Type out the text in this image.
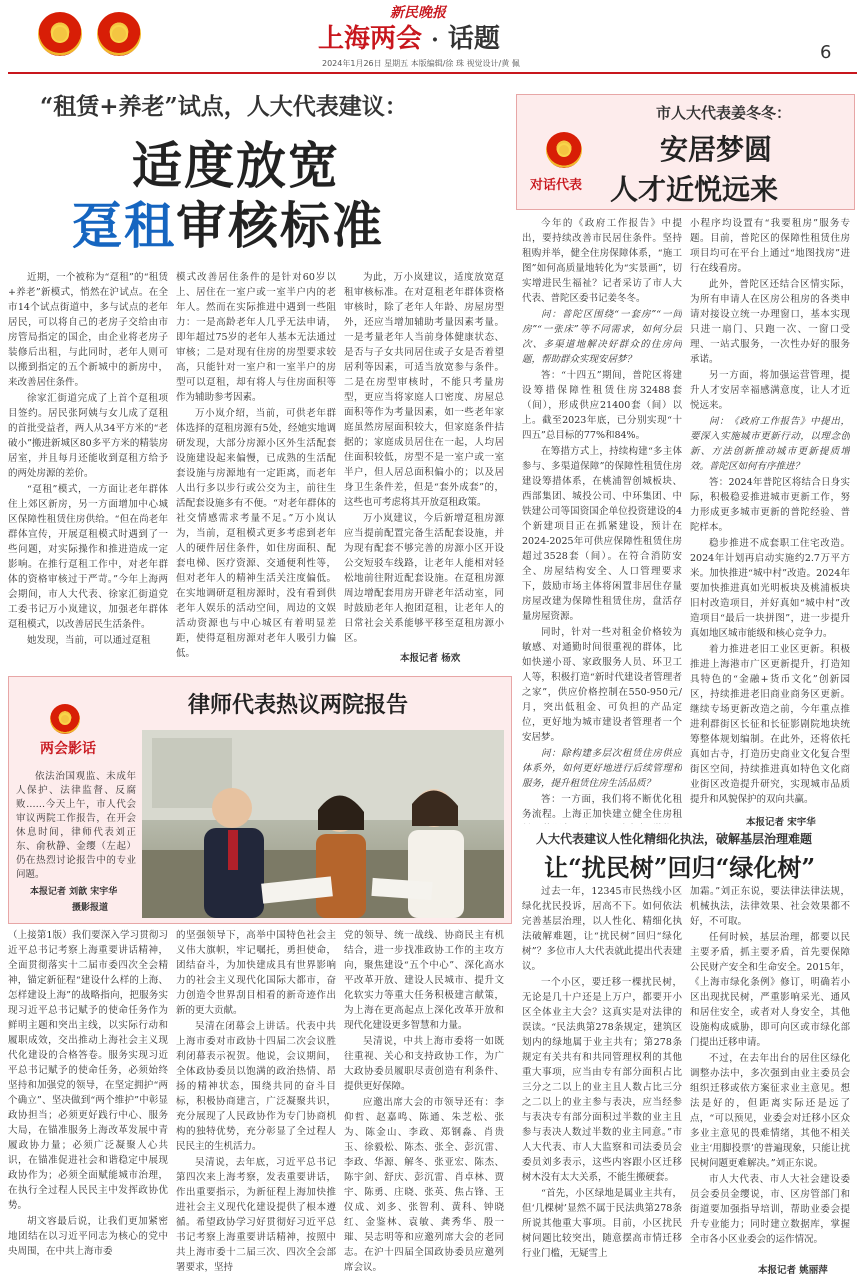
新民晚报
上海两会 · 话题
2024年1月26日 星期五 本版编辑/徐 珠 视觉设计/黄 佩
6
“租赁+养老”试点，人大代表建议：
适度放宽
趸租审核标准

近期，一个被称为“趸租”的“租赁+养老”新模式，悄然在沪试点。在全市14个试点街道中，多与试点的老年居民，可以将自己的老房子交给由市房管局指定的国企，由企业将老房子装修后出租，与此同时，老年人则可以搬到指定的五个新城中的新房中，来改善居住条件。

徐家汇街道完成了上首个趸租项目签约。居民张阿姨与女儿成了趸租的首批受益者，两人从34平方米的“老破小”搬进新城区80多平方米的精装房居室，并且每月还能收到趸租方给予的两处房源的差价。

“趸租”模式，一方面让老年群体住上郊区新房，另一方面增加中心城区保障性租赁住房供给。“但在尚老年群体宣传，开展趸租模式时遇到了一些问题，对实际操作和推进造成一定影响。在推行趸租工作中，对老年群体的资格审核过于严苛。”今年上海两会期间，市人大代表、徐家汇街道党工委书记万小岚建议，加强老年群体趸租模式，以改善居民生活条件。

她发现，当前，可以通过趸租

模式改善居住条件的是针对60岁以上、居住在一室户或一室半户内的老年人。然而在实际推进中遇到一些阻力：一是高龄老年人几乎无法申请，即年超过75岁的老年人基本无法通过审核；二是对现有住房的房型要求较高，只能针对一室户和一室半户的房型可以趸租，却有将人与住房面积等作为辅助参考因素。

万小岚介绍，当前，可供老年群体选择的趸租房源有5处，经她实地调研发现，大部分房源小区外生活配套设施建设起来偏慢，已成熟的生活配套设施与房源地有一定距离，而老年人出行多以步行或公交为主，前往生活配套设施多有不便。“对老年群体的社交情感需求考量不足。”万小岚认为，当前，趸租模式更多考虑到老年人的硬件居住条件，如住房面积、配套电梯、医疗资源、交通便利性等，但对老年人的精神生活关注度偏低。在实地调研趸租房源时，没有看到供老年人娱乐的活动空间，周边的文娱活动资源也与中心城区有着明显差距，使得趸租房源对老年人吸引力偏低。

为此，万小岚建议，适度放宽趸租审核标准。在对趸租老年群体资格审核时，除了老年人年龄、房屋房型外，还应当增加辅助考量因素考量。一是考量老年人当前身体健康状态、是否与子女共同居住或子女是否着望居利等因素，可适当放宽参与条件。二是在房型审核时，不能只考量房型，更应当将家庭人口密度、房屋总面积等作为考量因素，如一些老年家庭虽然房屋面积较大，但家庭条件拮据的；家庭成员居住在一起，人均居住面积较低，房型不是一室户或一室半户，但人居总面积偏小的；以及居身卫生条件差，但是“套外成套”的，这些也可考虑将其开放趸租政策。

万小岚建议，今后新增趸租房源应当提前配置完备生活配套设施，并为现有配套不够完善的房源小区开设公交短驳车线路，让老年人能相对轻松地前往附近配套设施。在趸租房源周边增配套用房开辟老年活动室，同时鼓励老年人抱团趸租，让老年人的日常社会关系能够平移至趸租房源小区。

本报记者 杨欢
市人大代表姜冬冬：
对话代表
安居梦圆
人才近悦远来

今年的《政府工作报告》中提出，要持续改善市民居住条件。坚持租购并举，健全住房保障体系，“施工图”如何高质量地转化为“实景画”，切实增进民生福祉？记者采访了市人大代表、普陀区委书记姜冬冬。

问：普陀区围绕“一套房”“一间房”“一张床”等不同需求，如何分层次、多渠道地解决好群众的住房问题，帮助群众实现安居梦？

答：“十四五”期间，普陀区将建设筹措保障性租赁住房32488套（间），形成供应21400套（间）以上。截至2023年底，已分别实现“十四五”总目标的77%和84%。

在筹措方式上，持续构建“多主体参与、多渠道保障”的保障性租赁住房建设筹措体系，在桃浦智创城板块、西部集团、城投公司、中环集团、中铁建公司等国资国企单位投资建设的4个新建项目正在抓紧建设，预计在2024-2025年可供应保障性租赁住房超过3528套（间）。在符合消防安全、房屋结构安全、人口管理要求下，鼓励市场主体将闲置非居住存量房屋改建为保障性租赁住房，盘活存量房屋资源。

同时，针对一些对租金价格较为敏感、对通勤时间很重视的群体，比如快递小哥、家政服务人员、环卫工人等，积极打造“新时代建设者管理者之家”，供应价格控制在550-950元/月，突出低租金、可负担的产品定位，更好地为城市建设者管理者一个安居梦。

问：除构建多层次租赁住房供应体系外，如何更好地进行后续管理和服务，提升租赁住房生活品质？

答：一方面，我们将不断优化租务流程。上海正加快建立健全住房租

小程序均设置有“我要租房”服务专题。目前，普陀区的保障性租赁住房项目均可在平台上通过“地图找房”进行在线看房。

此外，普陀区还结合区情实际，为所有申请人在区房公租房的各类申请对接设立统一办理窗口，基本实现只进一扇门、只跑一次、一窗口受理、一站式服务，一次性办好的服务承诺。

另一方面，将加强运营管理，提升人才安居幸福感满意度，让人才近悦远来。

问：《政府工作报告》中提出，要深入实施城市更新行动，以理念创新、方法创新推动城市更新提质增效。普陀区如何有序推进？

答：2024年普陀区将结合日身实际，积极稳妥推进城市更新工作，努力形成更多城市更新的普陀经验、普陀样本。

稳步推进不成套职工住宅改造。2024年计划再启动实施约2.7万平方米。加快推进“城中村”改造。2024年要加快推进真如光明板块及桃浦板块旧村改造项目，并好真如“城中村”改造项目“最后一块拼图”，进一步提升真如地区城市能级和核心竞争力。

着力推进老旧工业区更新。积极推进上海港市广区更新提升，打造知具特色的“金融+货币文化”创新园区，持续推进老旧商业商务区更新。继续专场更新改造之前，今年重点推进利群街区长征和长征影剧院地块统筹整体规划编制。在此外，还将依托真如古寺，打造历史商业文化复合型街区空间，持续推进真如特色文化商业街区改造提升研究，实现城市品质提升和风貌保护的双向共赢。

本报记者 宋宇华
律师代表热议两院报告
两会影话

依法治国观监、未成年人保护、法律监督、反腐败……今天上午，市人代会审议两院工作报告，在开会休息时间，律师代表刘正东、俞秋静、金缨（左起）仍在热烈讨论报告中的专业问题。

本报记者 刘歆 宋宇华
摄影报道

（上接第1版）我们要深入学习贯彻习近平总书记考察上海重要讲话精神，全面贯彻落实十二届市委四次全会精神，锚定新征程“建设什么样的上海、怎样建设上海”的战略指向，把服务实现习近平总书记赋予的使命任务作为鲜明主题和突出主线，以实际行动和履职成效，交出推动上海社会主义现代化建设的合格答卷。服务实现习近平总书记赋予的使命任务，必须始终坚持和加强党的领导，在坚定拥护“两个确立”、坚决做到“两个维护”中彰显政协担当；必须更好践行中心、服务大局，在锚准服务上海改革发展中青履政协力量；必须广泛凝聚人心共识，在锚准促进社会和谐稳定中展现政协作为；必须全面赋能城市治理，在执行全过程人民民主中发挥政协优势。

胡文容最后说，让我们更加紧密地团结在以习近平同志为核心的党中央周围，在中共上海市委

的坚强领导下，高举中国特色社会主义伟大旗帜，牢记嘱托，勇担使命，团结奋斗，为加快建成具有世界影响力的社会主义现代化国际大都市，奋力创造令世界刮目相看的新奇迹作出新的更大贡献。

吴清在闭幕会上讲话。代表中共上海市委对市政协十四届二次会议胜利闭幕表示祝贺。他说，会议期间，全体政协委员以饱满的政治热情、昂扬的精神状态，围绕共同的奋斗目标，积极协商建言，广泛凝聚共识，充分展现了人民政协作为专门协商机构的独特优势，充分彰显了全过程人民民主的生机活力。

吴清说，去年底，习近平总书记第四次来上海考察，发表重要讲话，作出重要指示，为新征程上海加快推进社会主义现代化建设提供了根本遵循。希望政协学习好贯彻好习近平总书记考察上海重要讲话精神，按照中共上海市委十二届三次、四次全会部署要求，坚持

党的领导、统一战线、协商民主有机结合，进一步找准政协工作的主攻方向，聚焦建设“五个中心”、深化高水平改革开放、建设人民城市、提升文化软实力等重大任务积极建言献策，为上海在更高起点上深化改革开放和现代化建设更多智慧和力量。

吴清说，中共上海市委将一如既往重视、关心和支持政协工作，为广大政协委员履职尽责创造有利条件、提供更好保障。

应邀出席大会的市领导还有：李仰哲、赵嘉鸣、陈通、朱芝松、张为、陈金山、李政、郑钢淼、肖贵玉、徐毅松、陈杰、张全、彭沉雷、李政、华源、解冬、张亚宏、陈杰、陈宇剑、舒庆、彭沉雷、肖卓林、贾宇、陈勇、庄晓、张英、焦占锋、王仪成、刘多、张智利、黄科、钟晓红、金鉴林、袁敏、龚秀华、殷一璀、吴志明等和应邀列席大会的老同志。在沪十四届全国政协委员应邀列席会议。

人大代表建议人性化精细化执法，破解基层治理难题
让“扰民树”回归“绿化树”

过去一年，12345市民热线小区绿化扰民投诉，居高不下。如何依法完善基层治理，以人性化、精细化执法破解难题，让“扰民树”回归“绿化树”？多位市人大代表就此提出代表建议。

一个小区，要迁移一棵扰民树，无论是几十户还是上万户，都要开小区全体业主大会？这真实是对法律的误读。“民法典第278条规定，建筑区划内的绿地属于业主共有；第278条规定有关共有和共同管理权利的其他重大事项，应当由专有部分面积占比三分之二以上的业主且人数占比三分之二以上的业主参与表决，应当经参与表决专有部分面积过半数的业主且参与表决人数过半数的业主同意。”市人大代表、市人大监察和司法委员会委员刘多表示，这些内容跟小区迁移树木没有太大关系，不能生搬硬套。

“首先，小区绿地是属业主共有，但‘几棵树’显然不属于民法典第278条所说其他重大事项。目前，小区扰民树问题比较突出，随意摆高市情迁移行业门槛，无疑雪上

加霜。”刘正东说，要法律法律法规，机械执法，法律效果、社会效果都不好，不可取。

任何时候，基层治理，都要以民主要矛盾，抓主要矛盾，首先要保障公民财产安全和生命安全。2015年，《上海市绿化条例》修订，明确若小区出现扰民树，严重影响采光、通风和居住安全，或者对人身安全，其他设施构成威胁，即可向区或市绿化部门提出迁移申请。

不过，在去年出台的居住区绿化调整办法中，多次强到由业主委员会组织迁移或依方案征求业主意见。想法是好的，但距离实际还是远了点，“可以预见，业委会对迁移小区众多业主意见的畏难情绪，其他不相关业主‘用脚投票’的普遍现象，只能让扰民树问题更难解决。”刘正东说。

市人大代表、市人大社会建设委员会委员金缨说，市、区房管部门和街道要加强指导培训，帮助业委会提升专业能力；同时建立数据库，掌握全市各小区业委会的运作情况。

本报记者 姚丽萍
